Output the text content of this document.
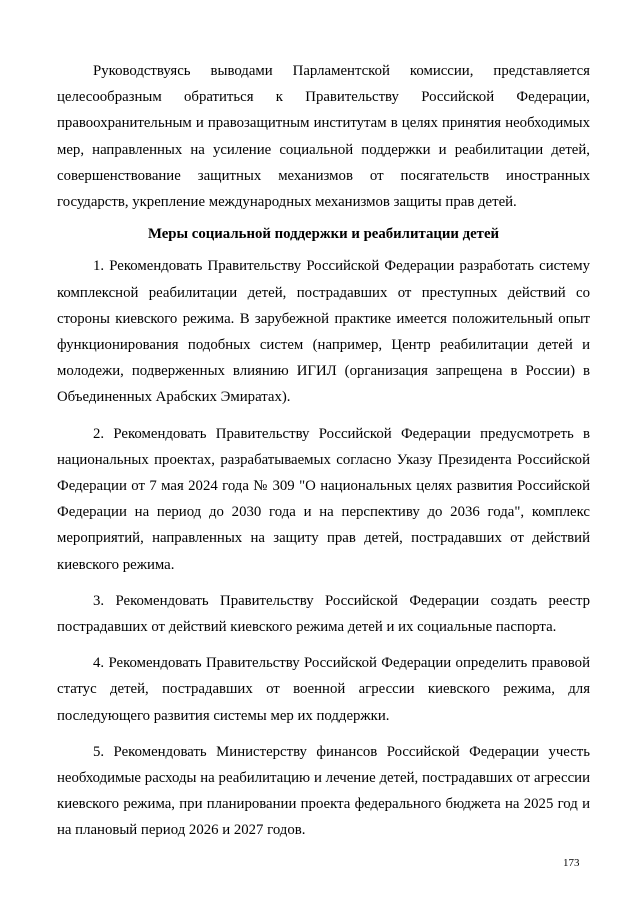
Руководствуясь выводами Парламентской комиссии, представляется целесообразным обратиться к Правительству Российской Федерации, правоохранительным и правозащитным институтам в целях принятия необходимых мер, направленных на усиление социальной поддержки и реабилитации детей, совершенствование защитных механизмов от посягательств иностранных государств, укрепление международных механизмов защиты прав детей.

Меры социальной поддержки и реабилитации детей

1. Рекомендовать Правительству Российской Федерации разработать систему комплексной реабилитации детей, пострадавших от преступных действий со стороны киевского режима. В зарубежной практике имеется положительный опыт функционирования подобных систем (например, Центр реабилитации детей и молодежи, подверженных влиянию ИГИЛ (организация запрещена в России) в Объединенных Арабских Эмиратах).

2. Рекомендовать Правительству Российской Федерации предусмотреть в национальных проектах, разрабатываемых согласно Указу Президента Российской Федерации от 7 мая 2024 года № 309 "О национальных целях развития Российской Федерации на период до 2030 года и на перспективу до 2036 года", комплекс мероприятий, направленных на защиту прав детей, пострадавших от действий киевского режима.

3. Рекомендовать Правительству Российской Федерации создать реестр пострадавших от действий киевского режима детей и их социальные паспорта.

4. Рекомендовать Правительству Российской Федерации определить правовой статус детей, пострадавших от военной агрессии киевского режима, для последующего развития системы мер их поддержки.

5. Рекомендовать Министерству финансов Российской Федерации учесть необходимые расходы на реабилитацию и лечение детей, пострадавших от агрессии киевского режима, при планировании проекта федерального бюджета на 2025 год и на плановый период 2026 и 2027 годов.

173
